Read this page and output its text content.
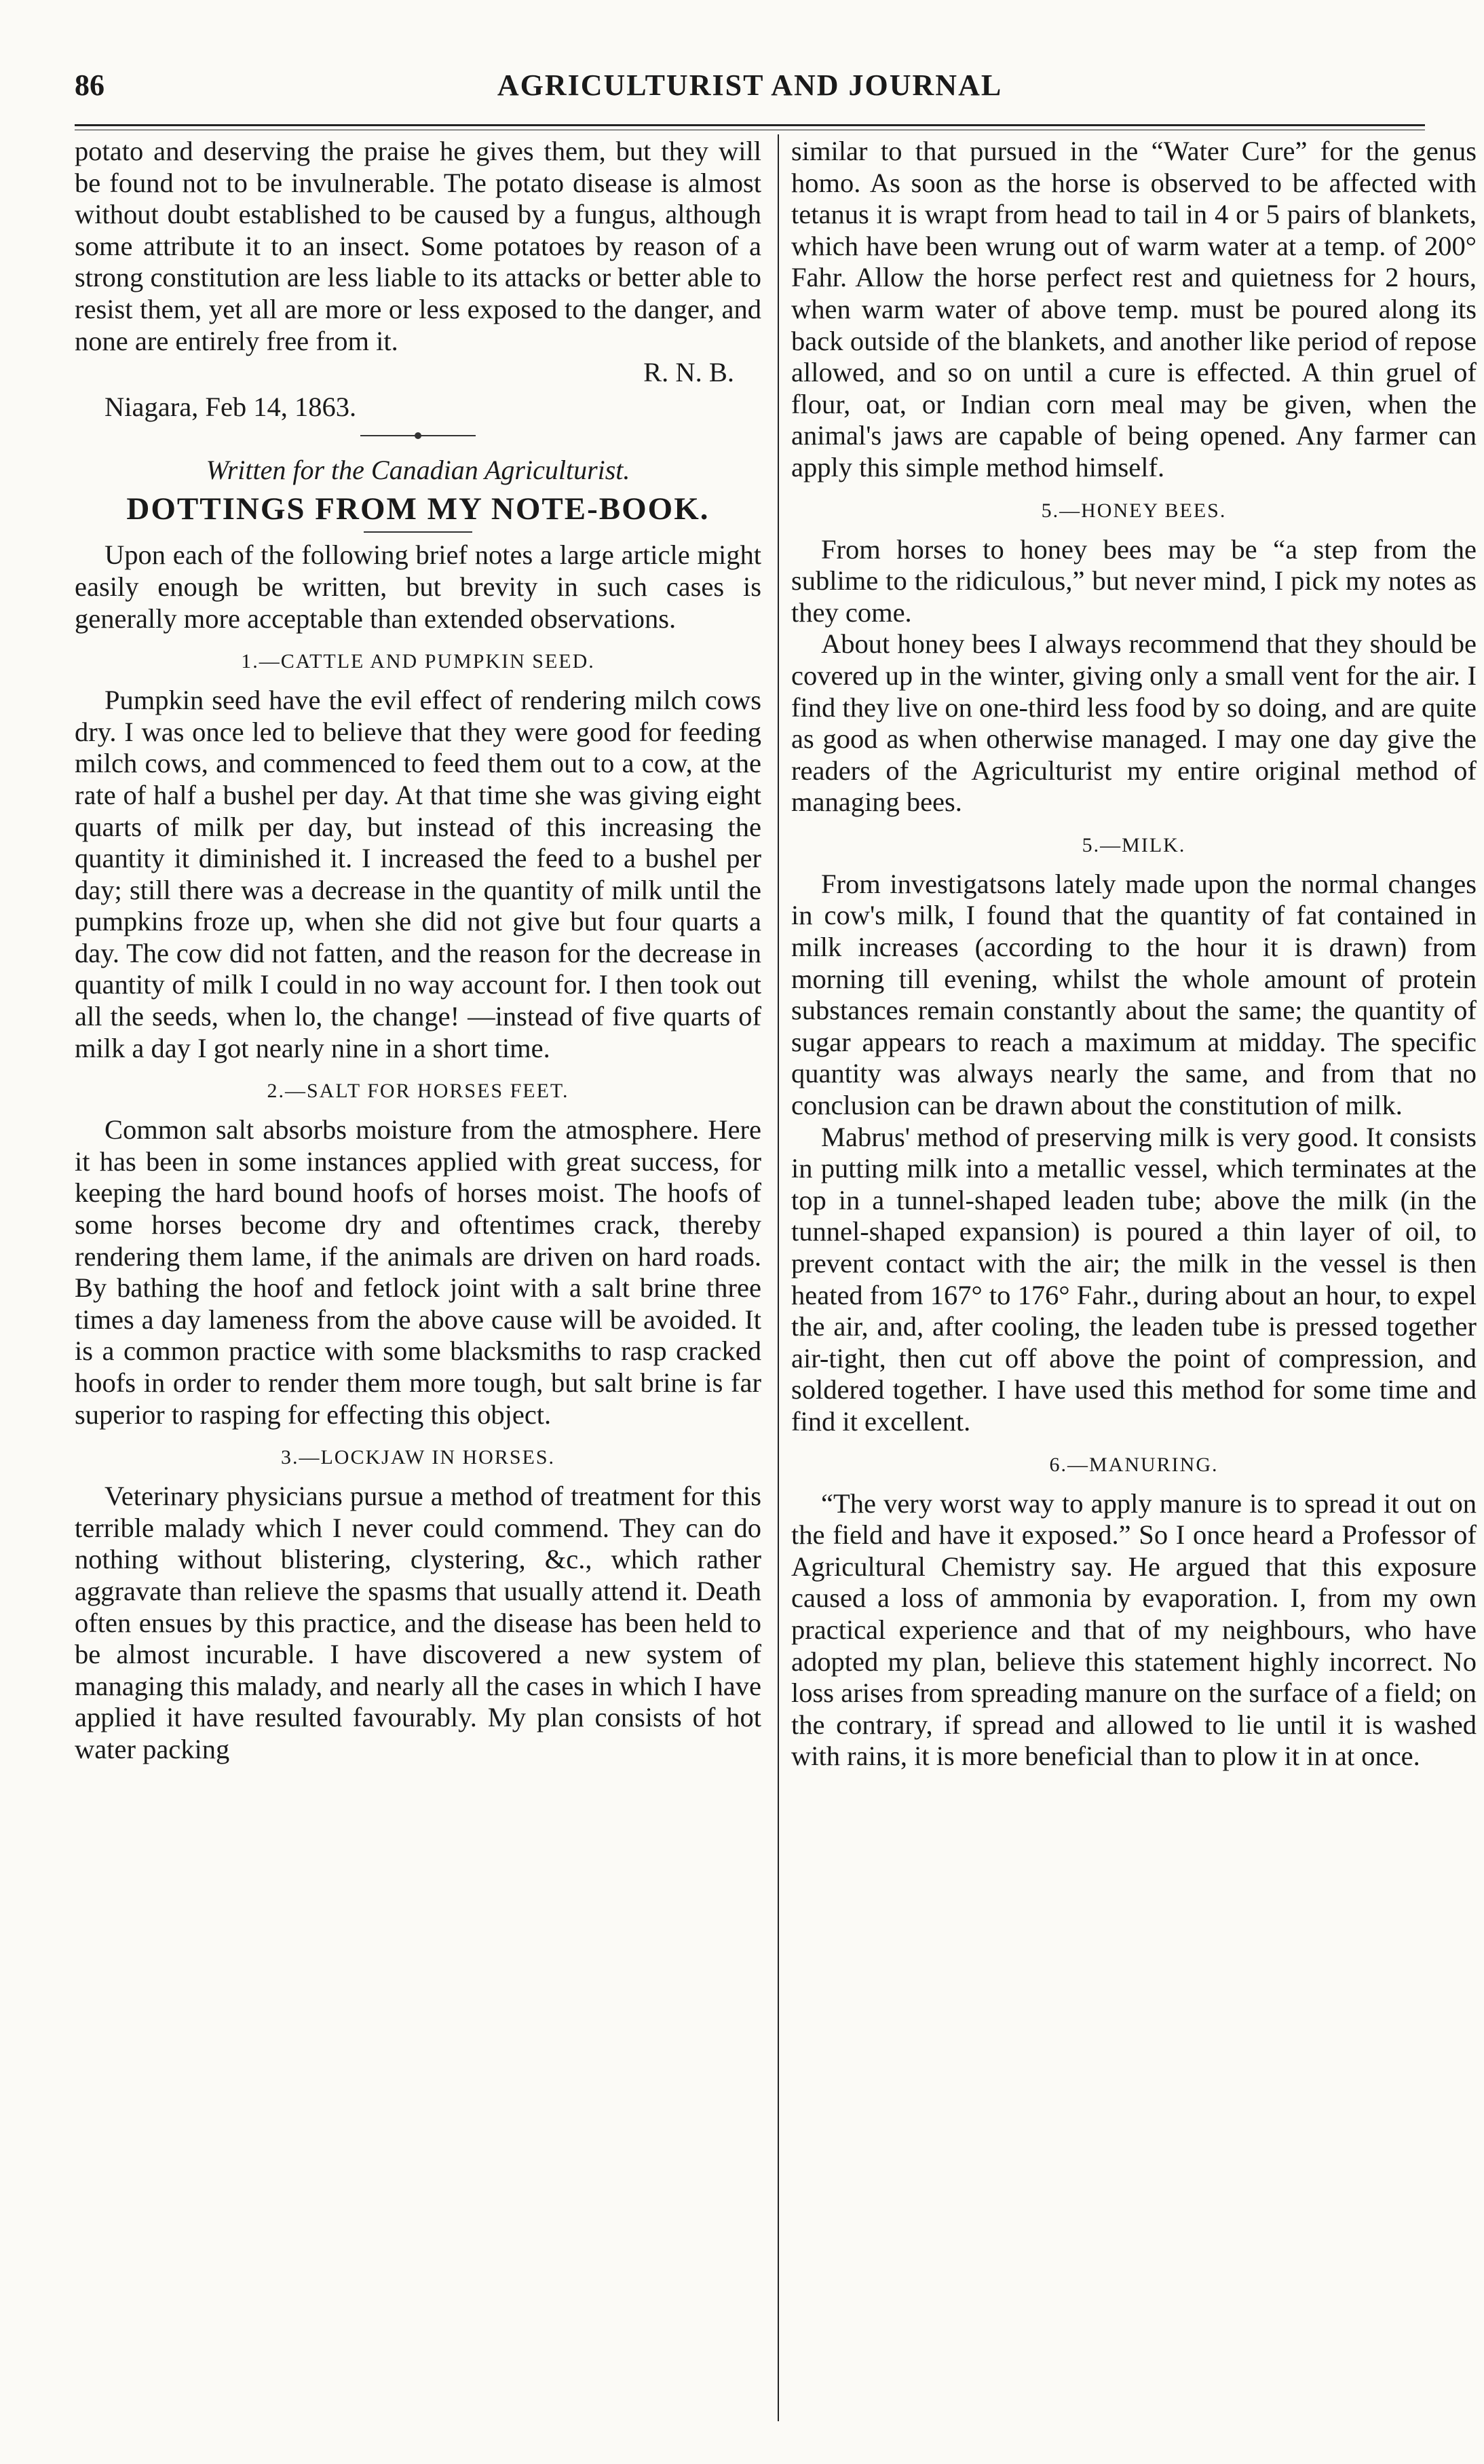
86	AGRICULTURIST AND JOURNAL

potato and deserving the praise he gives them, but they will be found not to be invulnerable. The potato disease is almost without doubt established to be caused by a fungus, although some attribute it to an insect. Some potatoes by reason of a strong constitution are less liable to its attacks or better able to resist them, yet all are more or less exposed to the danger, and none are entirely free from it.

R. N. B.
Niagara, Feb 14, 1863.
Written for the Canadian Agriculturist.
DOTTINGS FROM MY NOTE-BOOK.

Upon each of the following brief notes a large article might easily enough be written, but brevity in such cases is generally more acceptable than extended observations.

1.—CATTLE AND PUMPKIN SEED.

Pumpkin seed have the evil effect of rendering milch cows dry. I was once led to believe that they were good for feeding milch cows, and commenced to feed them out to a cow, at the rate of half a bushel per day. At that time she was giving eight quarts of milk per day, but instead of this increasing the quantity it diminished it. I increased the feed to a bushel per day; still there was a decrease in the quantity of milk until the pumpkins froze up, when she did not give but four quarts a day. The cow did not fatten, and the reason for the decrease in quantity of milk I could in no way account for. I then took out all the seeds, when lo, the change! —instead of five quarts of milk a day I got nearly nine in a short time.

2.—SALT FOR HORSES FEET.

Common salt absorbs moisture from the atmosphere. Here it has been in some instances applied with great success, for keeping the hard bound hoofs of horses moist. The hoofs of some horses become dry and oftentimes crack, thereby rendering them lame, if the animals are driven on hard roads. By bathing the hoof and fetlock joint with a salt brine three times a day lameness from the above cause will be avoided. It is a common practice with some blacksmiths to rasp cracked hoofs in order to render them more tough, but salt brine is far superior to rasping for effecting this object.

3.—LOCKJAW IN HORSES.

Veterinary physicians pursue a method of treatment for this terrible malady which I never could commend. They can do nothing without blistering, clystering, &c., which rather aggravate than relieve the spasms that usually attend it. Death often ensues by this practice, and the disease has been held to be almost incurable. I have discovered a new system of managing this malady, and nearly all the cases in which I have applied it have resulted favourably. My plan consists of hot water packing

similar to that pursued in the “Water Cure” for the genus homo. As soon as the horse is observed to be affected with tetanus it is wrapt from head to tail in 4 or 5 pairs of blankets, which have been wrung out of warm water at a temp. of 200° Fahr. Allow the horse perfect rest and quietness for 2 hours, when warm water of above temp. must be poured along its back outside of the blankets, and another like period of repose allowed, and so on until a cure is effected. A thin gruel of flour, oat, or Indian corn meal may be given, when the animal's jaws are capable of being opened. Any farmer can apply this simple method himself.

5.—HONEY BEES.

From horses to honey bees may be “a step from the sublime to the ridiculous,” but never mind, I pick my notes as they come.

About honey bees I always recommend that they should be covered up in the winter, giving only a small vent for the air. I find they live on one-third less food by so doing, and are quite as good as when otherwise managed. I may one day give the readers of the Agriculturist my entire original method of managing bees.

5.—MILK.

From investigatsons lately made upon the normal changes in cow's milk, I found that the quantity of fat contained in milk increases (according to the hour it is drawn) from morning till evening, whilst the whole amount of protein substances remain constantly about the same; the quantity of sugar appears to reach a maximum at midday. The specific quantity was always nearly the same, and from that no conclusion can be drawn about the constitution of milk.

Mabrus' method of preserving milk is very good. It consists in putting milk into a metallic vessel, which terminates at the top in a tunnel-shaped leaden tube; above the milk (in the tunnel-shaped expansion) is poured a thin layer of oil, to prevent contact with the air; the milk in the vessel is then heated from 167° to 176° Fahr., during about an hour, to expel the air, and, after cooling, the leaden tube is pressed together air-tight, then cut off above the point of compression, and soldered together. I have used this method for some time and find it excellent.

6.—MANURING.

“The very worst way to apply manure is to spread it out on the field and have it exposed.” So I once heard a Professor of Agricultural Chemistry say. He argued that this exposure caused a loss of ammonia by evaporation. I, from my own practical experience and that of my neighbours, who have adopted my plan, believe this statement highly incorrect. No loss arises from spreading manure on the surface of a field; on the contrary, if spread and allowed to lie until it is washed with rains, it is more beneficial than to plow it in at once.
